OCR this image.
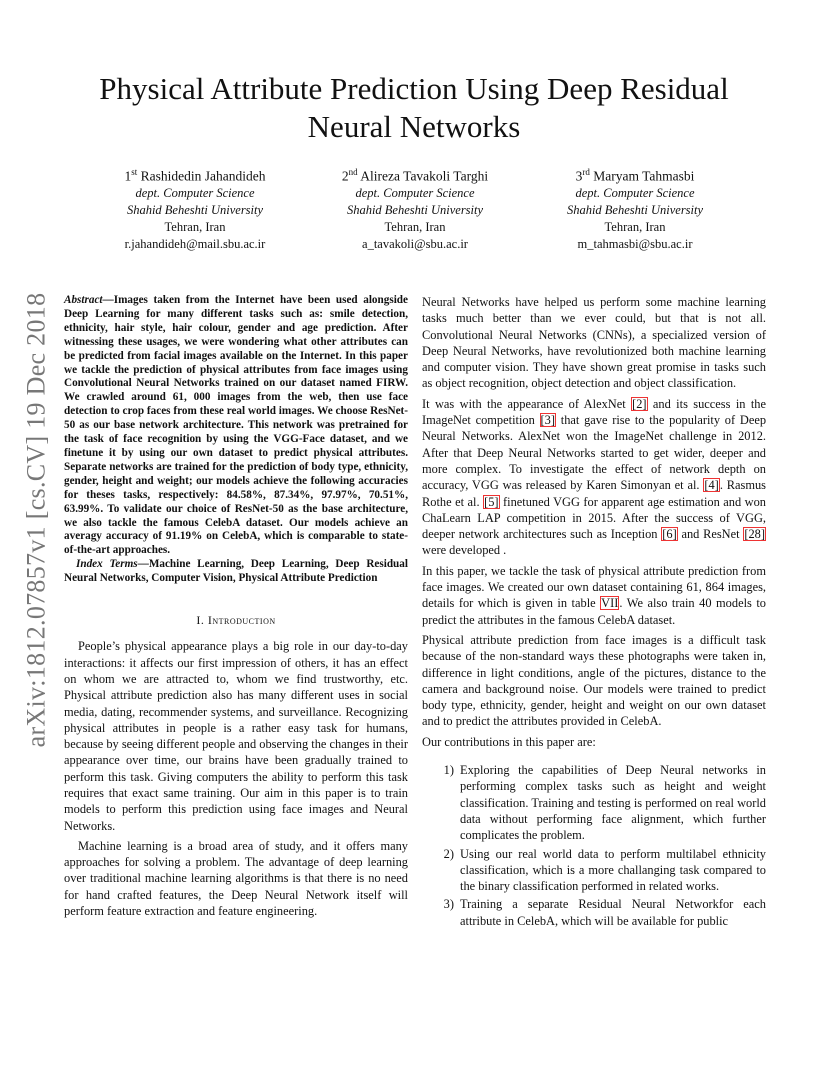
arXiv:1812.07857v1 [cs.CV] 19 Dec 2018
Physical Attribute Prediction Using Deep Residual Neural Networks
1st Rashidedin Jahandideh
dept. Computer Science
Shahid Beheshti University
Tehran, Iran
r.jahandideh@mail.sbu.ac.ir
2nd Alireza Tavakoli Targhi
dept. Computer Science
Shahid Beheshti University
Tehran, Iran
a_tavakoli@sbu.ac.ir
3rd Maryam Tahmasbi
dept. Computer Science
Shahid Beheshti University
Tehran, Iran
m_tahmasbi@sbu.ac.ir

Abstract—Images taken from the Internet have been used alongside Deep Learning for many different tasks such as: smile detection, ethnicity, hair style, hair colour, gender and age prediction. After witnessing these usages, we were wondering what other attributes can be predicted from facial images available on the Internet. In this paper we tackle the prediction of physical attributes from face images using Convolutional Neural Networks trained on our dataset named FIRW. We crawled around 61, 000 images from the web, then use face detection to crop faces from these real world images. We choose ResNet-50 as our base network architecture. This network was pretrained for the task of face recognition by using the VGG-Face dataset, and we finetune it by using our own dataset to predict physical attributes. Separate networks are trained for the prediction of body type, ethnicity, gender, height and weight; our models achieve the following accuracies for theses tasks, respectively: 84.58%, 87.34%, 97.97%, 70.51%, 63.99%. To validate our choice of ResNet-50 as the base architecture, we also tackle the famous CelebA dataset. Our models achieve an averagy accuracy of 91.19% on CelebA, which is comparable to state-of-the-art approaches.

Index Terms—Machine Learning, Deep Learning, Deep Residual Neural Networks, Computer Vision, Physical Attribute Prediction

I. Introduction

People’s physical appearance plays a big role in our day-to-day interactions: it affects our first impression of others, it has an effect on whom we are attracted to, whom we find trustworthy, etc. Physical attribute prediction also has many different uses in social media, dating, recommender systems, and surveillance. Recognizing physical attributes in people is a rather easy task for humans, because by seeing different people and observing the changes in their appearance over time, our brains have been gradually trained to perform this task. Giving computers the ability to perform this task requires that exact same training. Our aim in this paper is to train models to perform this prediction using face images and Neural Networks.

Machine learning is a broad area of study, and it offers many approaches for solving a problem. The advantage of deep learning over traditional machine learning algorithms is that there is no need for hand crafted features, the Deep Neural Network itself will perform feature extraction and feature engineering.

Neural Networks have helped us perform some machine learning tasks much better than we ever could, but that is not all. Convolutional Neural Networks (CNNs), a specialized version of Deep Neural Networks, have revolutionized both machine learning and computer vision. They have shown great promise in tasks such as object recognition, object detection and object classification.

It was with the appearance of AlexNet [2] and its success in the ImageNet competition [3] that gave rise to the popularity of Deep Neural Networks. AlexNet won the ImageNet challenge in 2012. After that Deep Neural Networks started to get wider, deeper and more complex. To investigate the effect of network depth on accuracy, VGG was released by Karen Simonyan et al. [4]. Rasmus Rothe et al. [5] finetuned VGG for apparent age estimation and won ChaLearn LAP competition in 2015. After the success of VGG, deeper network architectures such as Inception [6] and ResNet [28] were developed .

In this paper, we tackle the task of physical attribute prediction from face images. We created our own dataset containing 61, 864 images, details for which is given in table VII. We also train 40 models to predict the attributes in the famous CelebA dataset.

Physical attribute prediction from face images is a difficult task because of the non-standard ways these photographs were taken in, difference in light conditions, angle of the pictures, distance to the camera and background noise. Our models were trained to predict body type, ethnicity, gender, height and weight on our own dataset and to predict the attributes provided in CelebA.

Our contributions in this paper are:

1) Exploring the capabilities of Deep Neural networks in performing complex tasks such as height and weight classification. Training and testing is performed on real world data without performing face alignment, which further complicates the problem.
2) Using our real world data to perform multilabel ethnicity classification, which is a more challanging task compared to the binary classification performed in related works.
3) Training a separate Residual Neural Networkfor each attribute in CelebA, which will be available for public
